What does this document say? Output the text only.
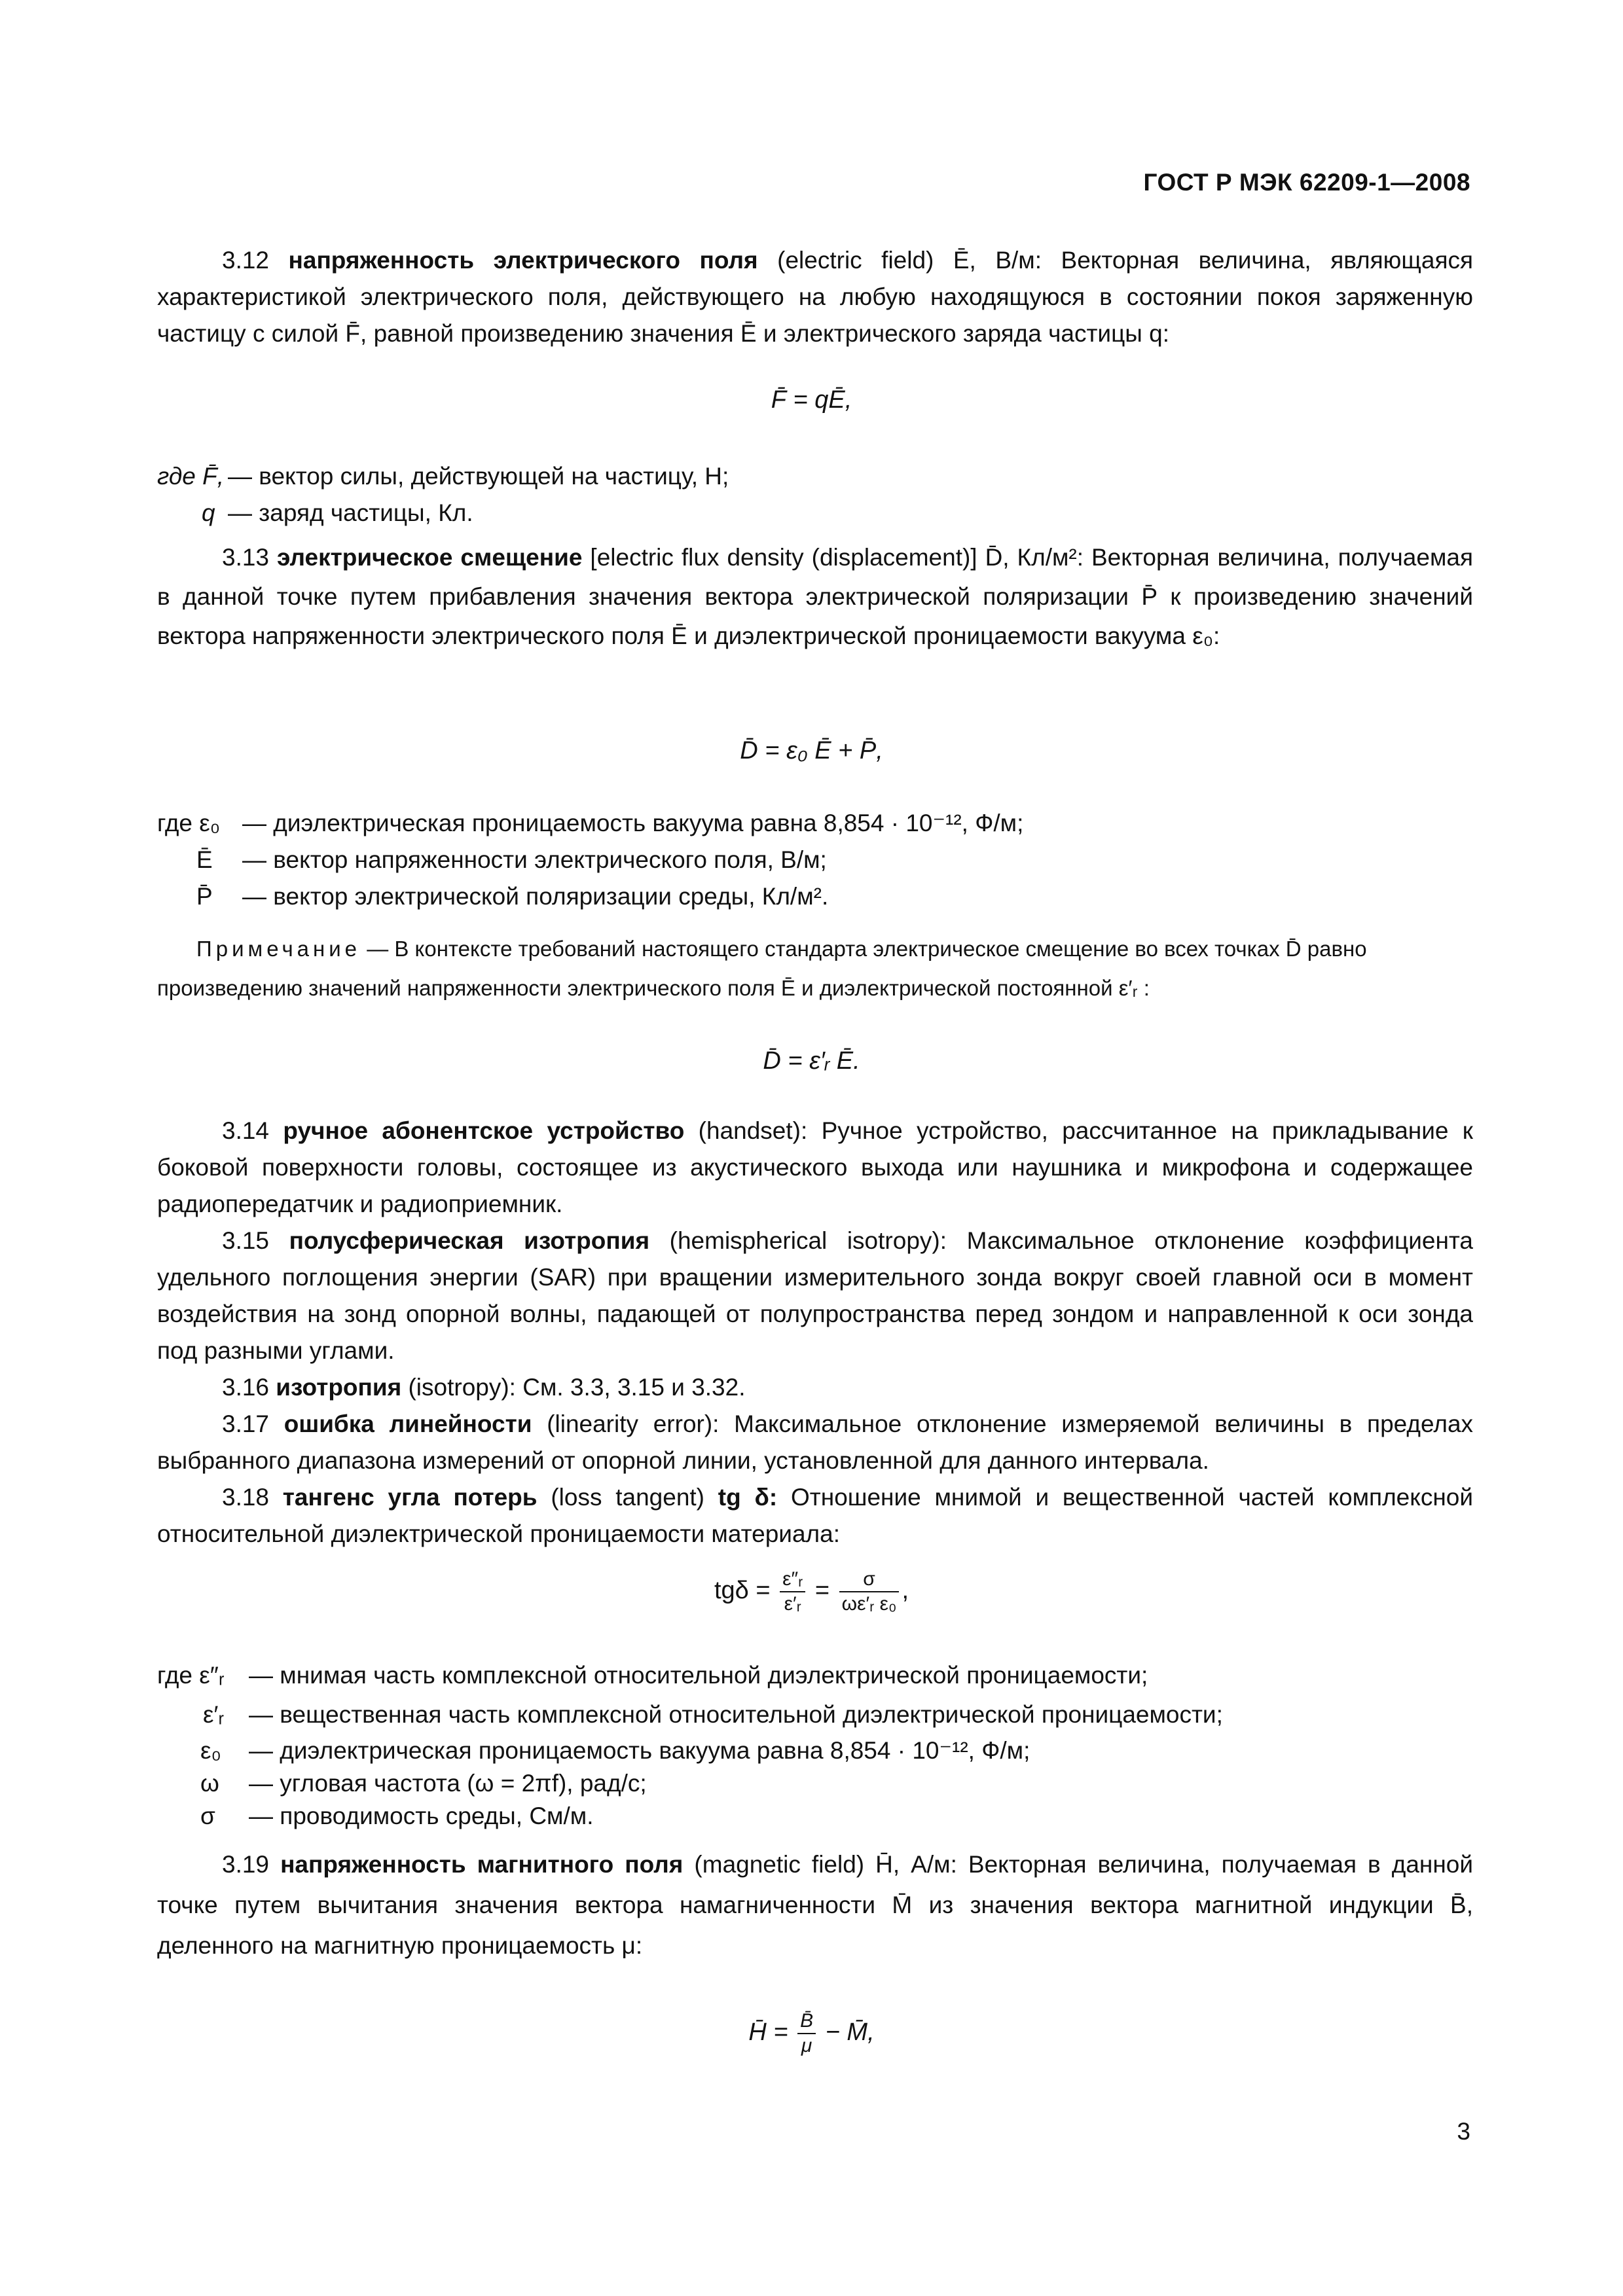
ГОСТ Р МЭК 62209-1—2008
3.12 напряженность электрического поля (electric field) Ē, В/м: Векторная величина, являющаяся характеристикой электрического поля, действующего на любую находящуюся в состоянии покоя заряженную частицу с силой F̄, равной произведению значения Ē и электрического заряда частицы q:
F̄ = qĒ,
где F̄, — вектор силы, действующей на частицу, Н;
q — заряд частицы, Кл.
3.13 электрическое смещение [electric flux density (displacement)] D̄, Кл/м²: Векторная величина, получаемая в данной точке путем прибавления значения вектора электрической поляризации P̄ к произведению значений вектора напряженности электрического поля Ē и диэлектрической проницаемости вакуума ε₀:
D̄ = ε₀ Ē + P̄,
где ε₀ — диэлектрическая проницаемость вакуума равна 8,854 · 10⁻¹², Ф/м;
Ē — вектор напряженности электрического поля, В/м;
P̄ — вектор электрической поляризации среды, Кл/м².
Примечание — В контексте требований настоящего стандарта электрическое смещение во всех точках D̄ равно произведению значений напряженности электрического поля Ē и диэлектрической постоянной ε′ᵣ :
D̄ = ε′ᵣ Ē.
3.14 ручное абонентское устройство (handset): Ручное устройство, рассчитанное на прикладывание к боковой поверхности головы, состоящее из акустического выхода или наушника и микрофона и содержащее радиопередатчик и радиоприемник.
3.15 полусферическая изотропия (hemispherical isotropy): Максимальное отклонение коэффициента удельного поглощения энергии (SAR) при вращении измерительного зонда вокруг своей главной оси в момент воздействия на зонд опорной волны, падающей от полупространства перед зондом и направленной к оси зонда под разными углами.
3.16 изотропия (isotropy): См. 3.3, 3.15 и 3.32.
3.17 ошибка линейности (linearity error): Максимальное отклонение измеряемой величины в пределах выбранного диапазона измерений от опорной линии, установленной для данного интервала.
3.18 тангенс угла потерь (loss tangent) tg δ: Отношение мнимой и вещественной частей комплексной относительной диэлектрической проницаемости материала:
$tg\delta = \frac{\text{ε″ᵣ}}{\text{ε′ᵣ}} = \frac{\sigma}{\text{ωε′ᵣ ε₀}}$ ,
где ε″ᵣ — мнимая часть комплексной относительной диэлектрической проницаемости;
ε′ᵣ — вещественная часть комплексной относительной диэлектрической проницаемости;
ε₀ — диэлектрическая проницаемость вакуума равна 8,854 · 10⁻¹², Ф/м;
ω — угловая частота (ω = 2πf), рад/с;
σ — проводимость среды, См/м.
3.19 напряженность магнитного поля (magnetic field) H̄, А/м: Векторная величина, получаемая в данной точке путем вычитания значения вектора намагниченности M̄ из значения вектора магнитной индукции B̄, деленного на магнитную проницаемость μ:
H̄ = $\frac{B̄}{\mu}$ − M̄,
3
